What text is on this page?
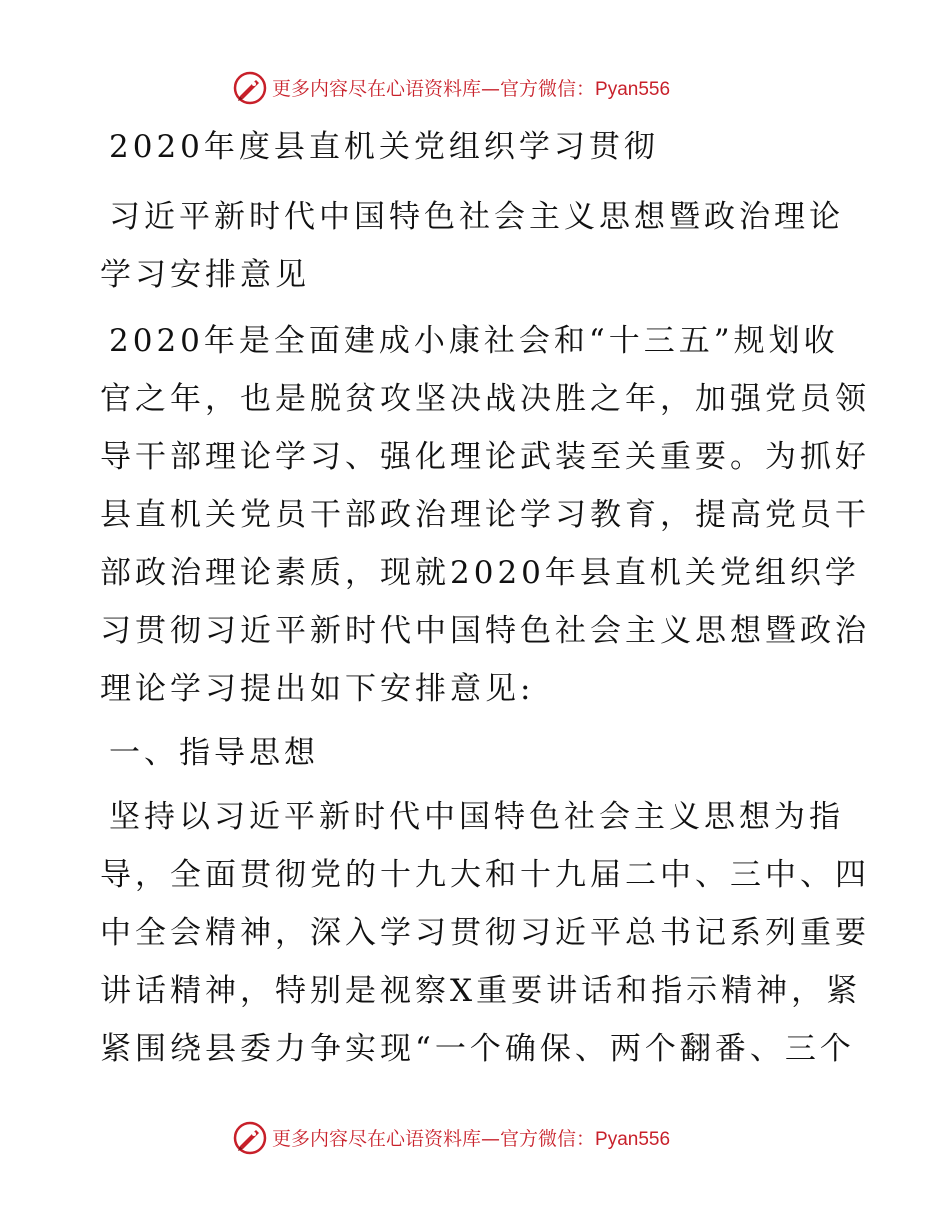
更多内容尽在心语资料库—官方微信：Pyan556
2020年度县直机关党组织学习贯彻
习近平新时代中国特色社会主义思想暨政治理论
学习安排意见
2020年是全面建成小康社会和“十三五”规划收
官之年，也是脱贫攻坚决战决胜之年，加强党员领
导干部理论学习、强化理论武装至关重要。为抓好
县直机关党员干部政治理论学习教育，提高党员干
部政治理论素质，现就2020年县直机关党组织学
习贯彻习近平新时代中国特色社会主义思想暨政治
理论学习提出如下安排意见:
一、指导思想
坚持以习近平新时代中国特色社会主义思想为指
导，全面贯彻党的十九大和十九届二中、三中、四
中全会精神，深入学习贯彻习近平总书记系列重要
讲话精神，特别是视察X重要讲话和指示精神，紧
紧围绕县委力争实现“一个确保、两个翻番、三个
更多内容尽在心语资料库—官方微信：Pyan556
